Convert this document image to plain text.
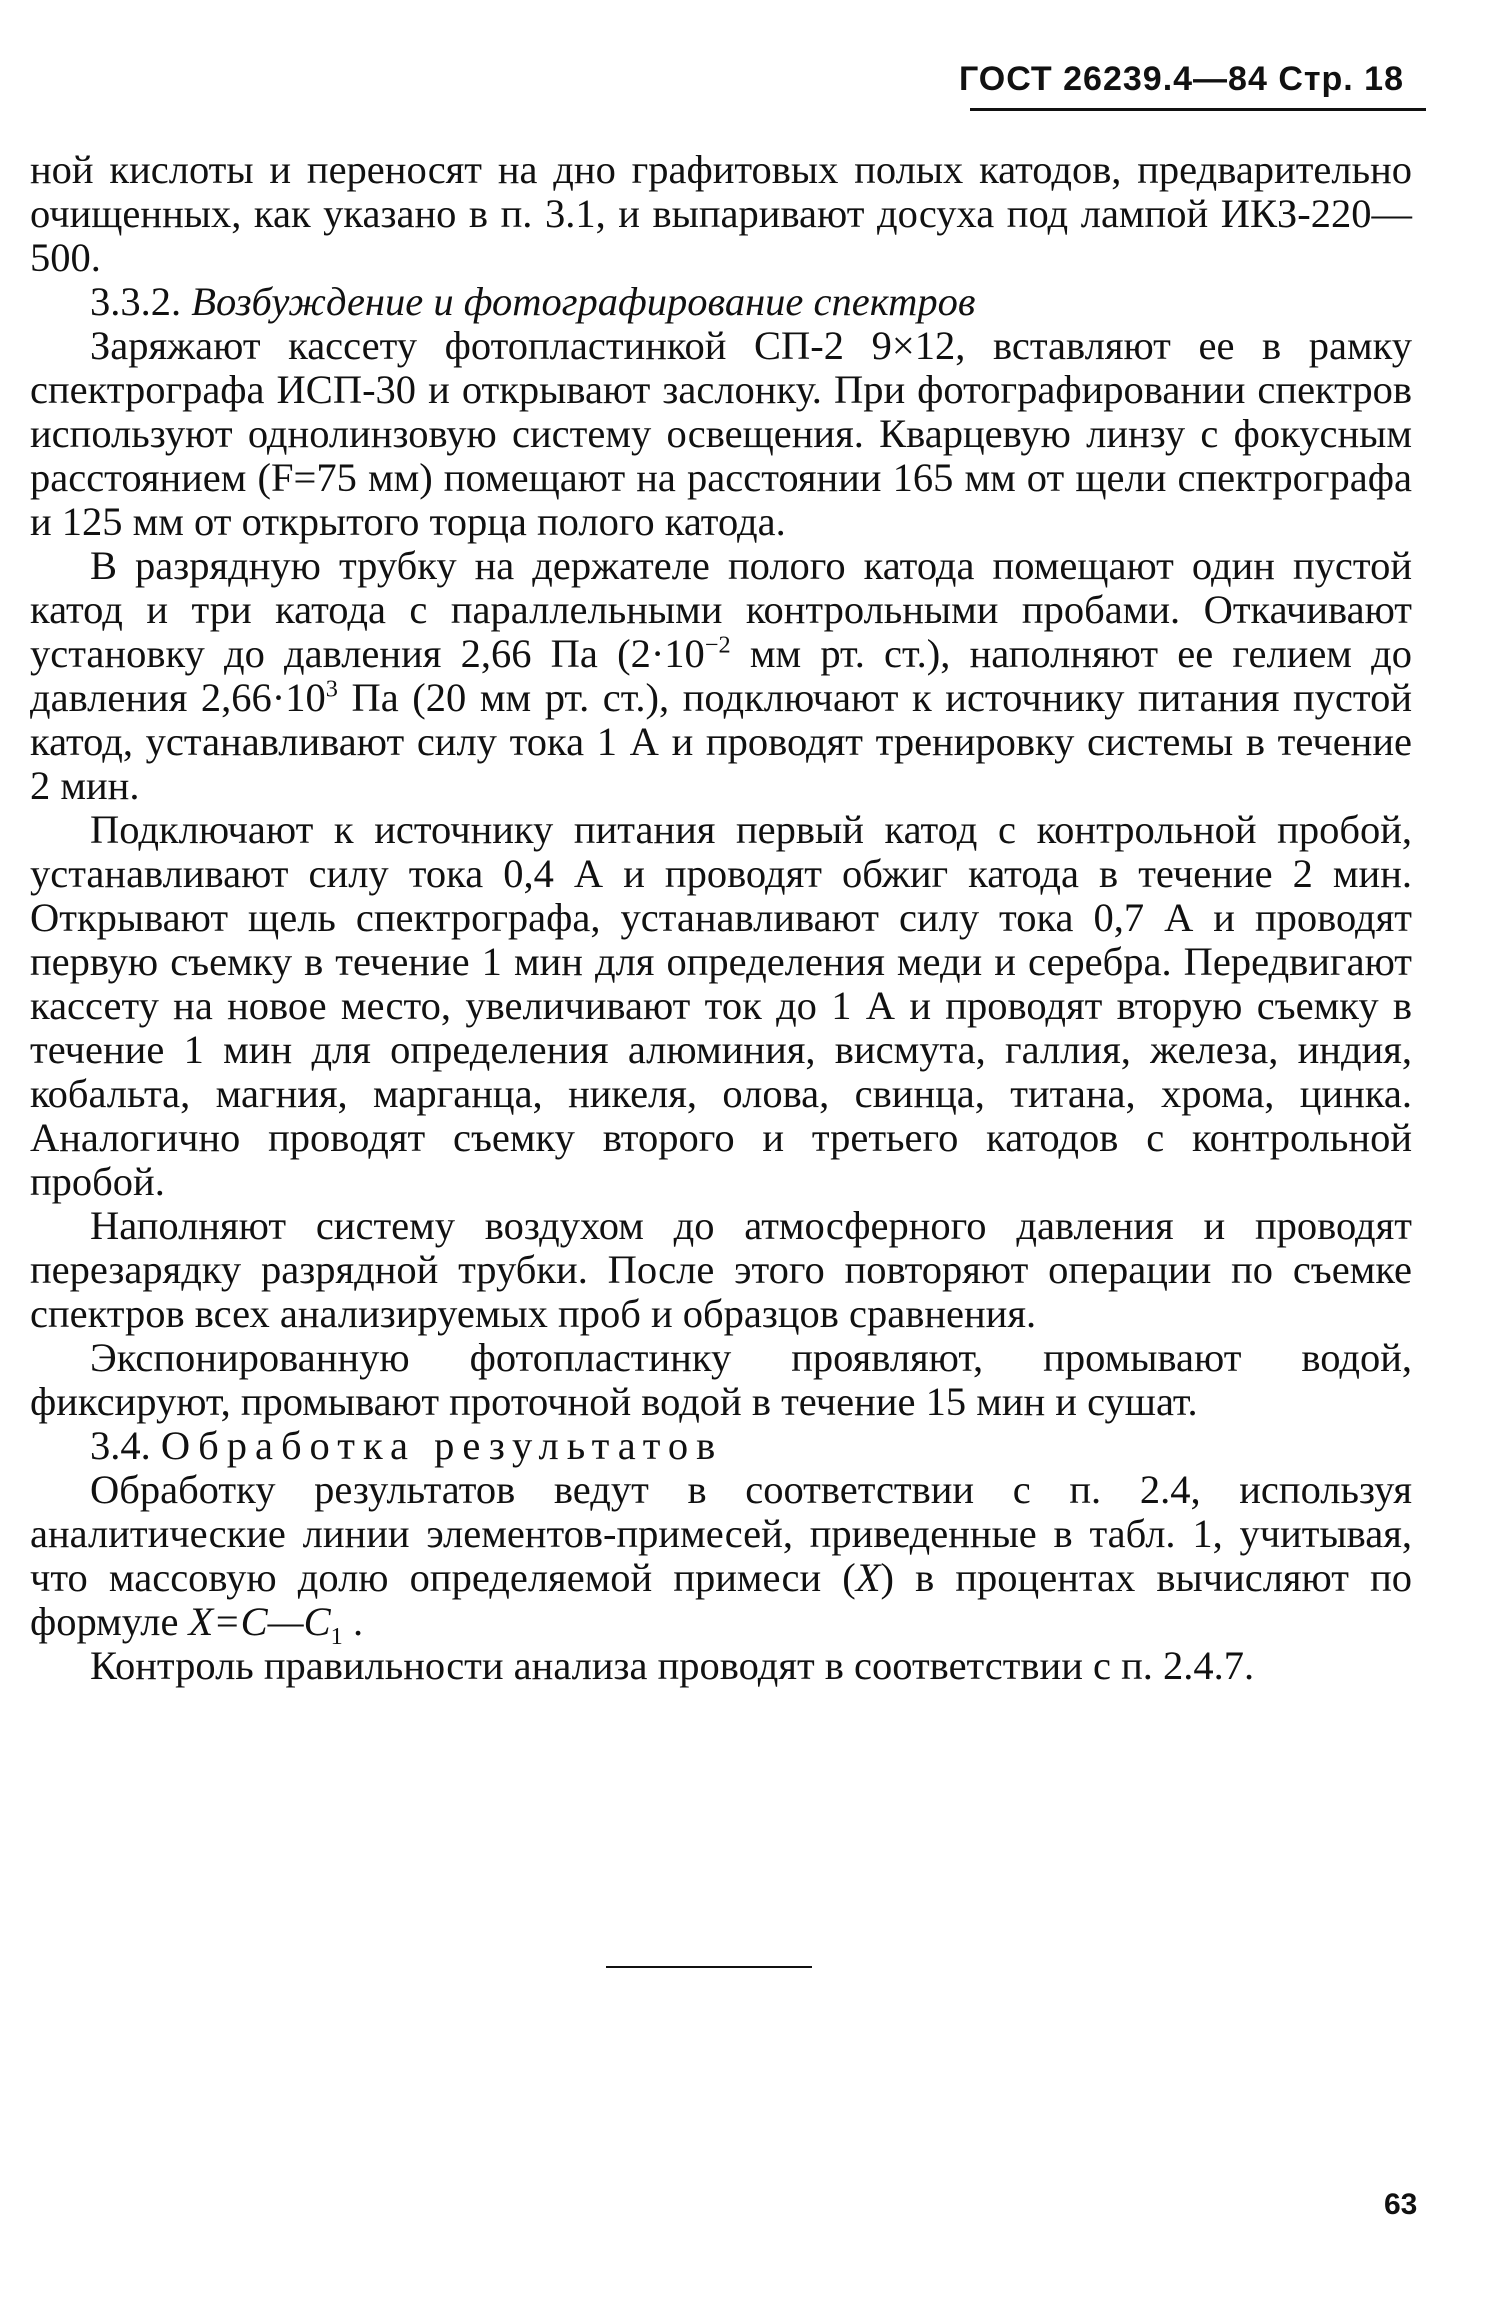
ГОСТ 26239.4—84 Стр. 18

ной кислоты и переносят на дно графитовых полых катодов, предварительно очищенных, как указано в п. 3.1, и выпаривают досуха под лампой ИКЗ-220—500.

3.3.2. Возбуждение и фотографирование спектров

Заряжают кассету фотопластинкой СП-2 9×12, вставляют ее в рамку спектрографа ИСП-30 и открывают заслонку. При фотографировании спектров используют однолинзовую систему освещения. Кварцевую линзу с фокусным расстоянием (F=75 мм) помещают на расстоянии 165 мм от щели спектрографа и 125 мм от открытого торца полого катода.

В разрядную трубку на держателе полого катода помещают один пустой катод и три катода с параллельными контрольными пробами. Откачивают установку до давления 2,66 Па ($2\cdot 10^{-2}$ мм рт. ст.), наполняют ее гелием до давления $2,66\cdot 10^3$ Па (20 мм рт. ст.), подключают к источнику питания пустой катод, устанавливают силу тока 1 А и проводят тренировку системы в течение 2 мин.

Подключают к источнику питания первый катод с контрольной пробой, устанавливают силу тока 0,4 А и проводят обжиг катода в течение 2 мин. Открывают щель спектрографа, устанавливают силу тока 0,7 А и проводят первую съемку в течение 1 мин для определения меди и серебра. Передвигают кассету на новое место, увеличивают ток до 1 А и проводят вторую съемку в течение 1 мин для определения алюминия, висмута, галлия, железа, индия, кобальта, магния, марганца, никеля, олова, свинца, титана, хрома, цинка. Аналогично проводят съемку второго и третьего катодов с контрольной пробой.

Наполняют систему воздухом до атмосферного давления и проводят перезарядку разрядной трубки. После этого повторяют операции по съемке спектров всех анализируемых проб и образцов сравнения.

Экспонированную фотопластинку проявляют, промывают водой, фиксируют, промывают проточной водой в течение 15 мин и сушат.

3.4. Обработка результатов

Обработку результатов ведут в соответствии с п. 2.4, используя аналитические линии элементов-примесей, приведенные в табл. 1, учитывая, что массовую долю определяемой примеси (X) в процентах вычисляют по формуле $X=C—C_1$ .

Контроль правильности анализа проводят в соответствии с п. 2.4.7.

63
